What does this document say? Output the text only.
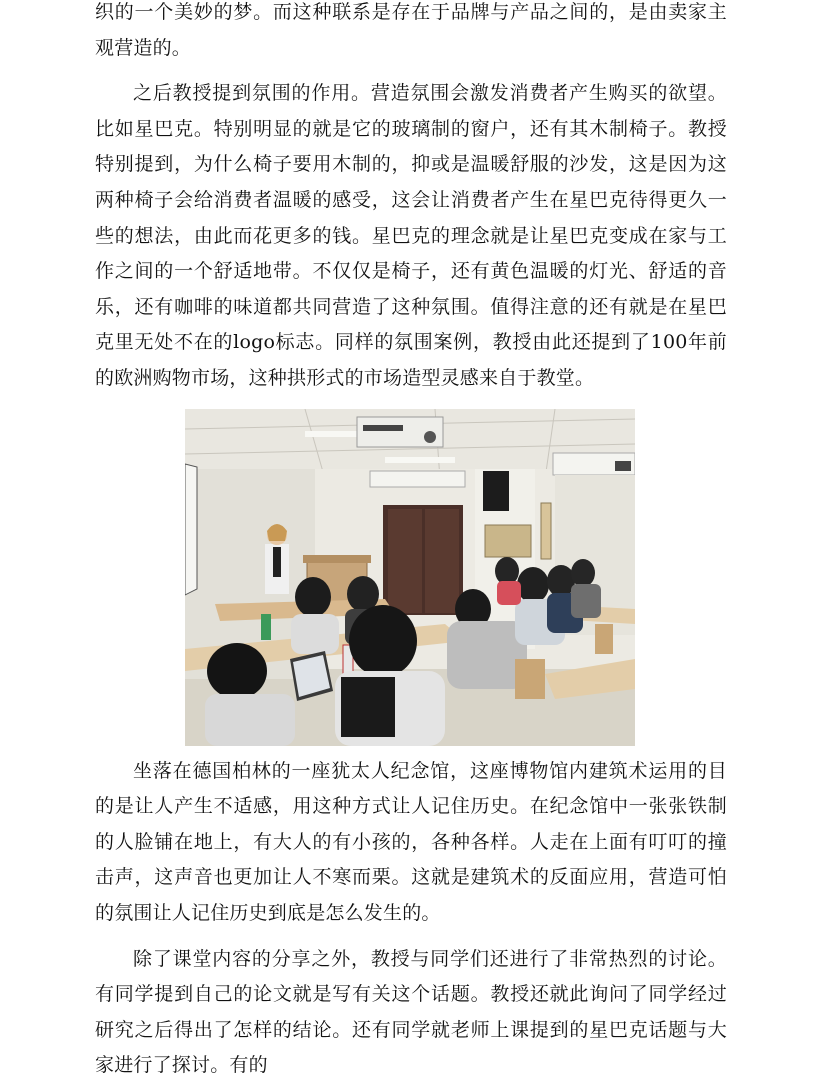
织的一个美妙的梦。而这种联系是存在于品牌与产品之间的，是由卖家主观营造的。

之后教授提到氛围的作用。营造氛围会激发消费者产生购买的欲望。比如星巴克。特别明显的就是它的玻璃制的窗户，还有其木制椅子。教授特别提到，为什么椅子要用木制的，抑或是温暖舒服的沙发，这是因为这两种椅子会给消费者温暖的感受，这会让消费者产生在星巴克待得更久一些的想法，由此而花更多的钱。星巴克的理念就是让星巴克变成在家与工作之间的一个舒适地带。不仅仅是椅子，还有黄色温暖的灯光、舒适的音乐，还有咖啡的味道都共同营造了这种氛围。值得注意的还有就是在星巴克里无处不在的logo标志。同样的氛围案例，教授由此还提到了100年前的欧洲购物市场，这种拱形式的市场造型灵感来自于教堂。

坐落在德国柏林的一座犹太人纪念馆，这座博物馆内建筑术运用的目的是让人产生不适感，用这种方式让人记住历史。在纪念馆中一张张铁制的人脸铺在地上，有大人的有小孩的，各种各样。人走在上面有叮叮的撞击声，这声音也更加让人不寒而栗。这就是建筑术的反面应用，营造可怕的氛围让人记住历史到底是怎么发生的。

除了课堂内容的分享之外，教授与同学们还进行了非常热烈的讨论。有同学提到自己的论文就是写有关这个话题。教授还就此询问了同学经过研究之后得出了怎样的结论。还有同学就老师上课提到的星巴克话题与大家进行了探讨。有的
